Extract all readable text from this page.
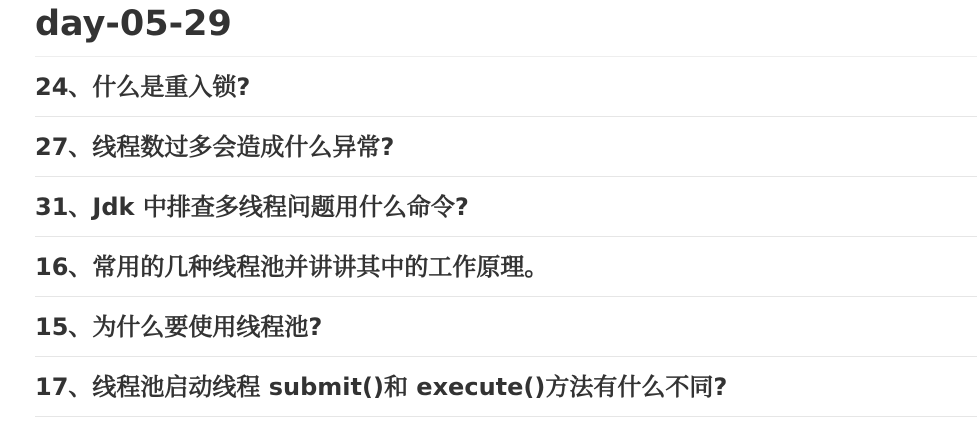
day-05-29
24、什么是重入锁?
27、线程数过多会造成什么异常?
31、Jdk 中排查多线程问题用什么命令?
16、常用的几种线程池并讲讲其中的工作原理。
15、为什么要使用线程池?
17、线程池启动线程 submit()和 execute()方法有什么不同?
